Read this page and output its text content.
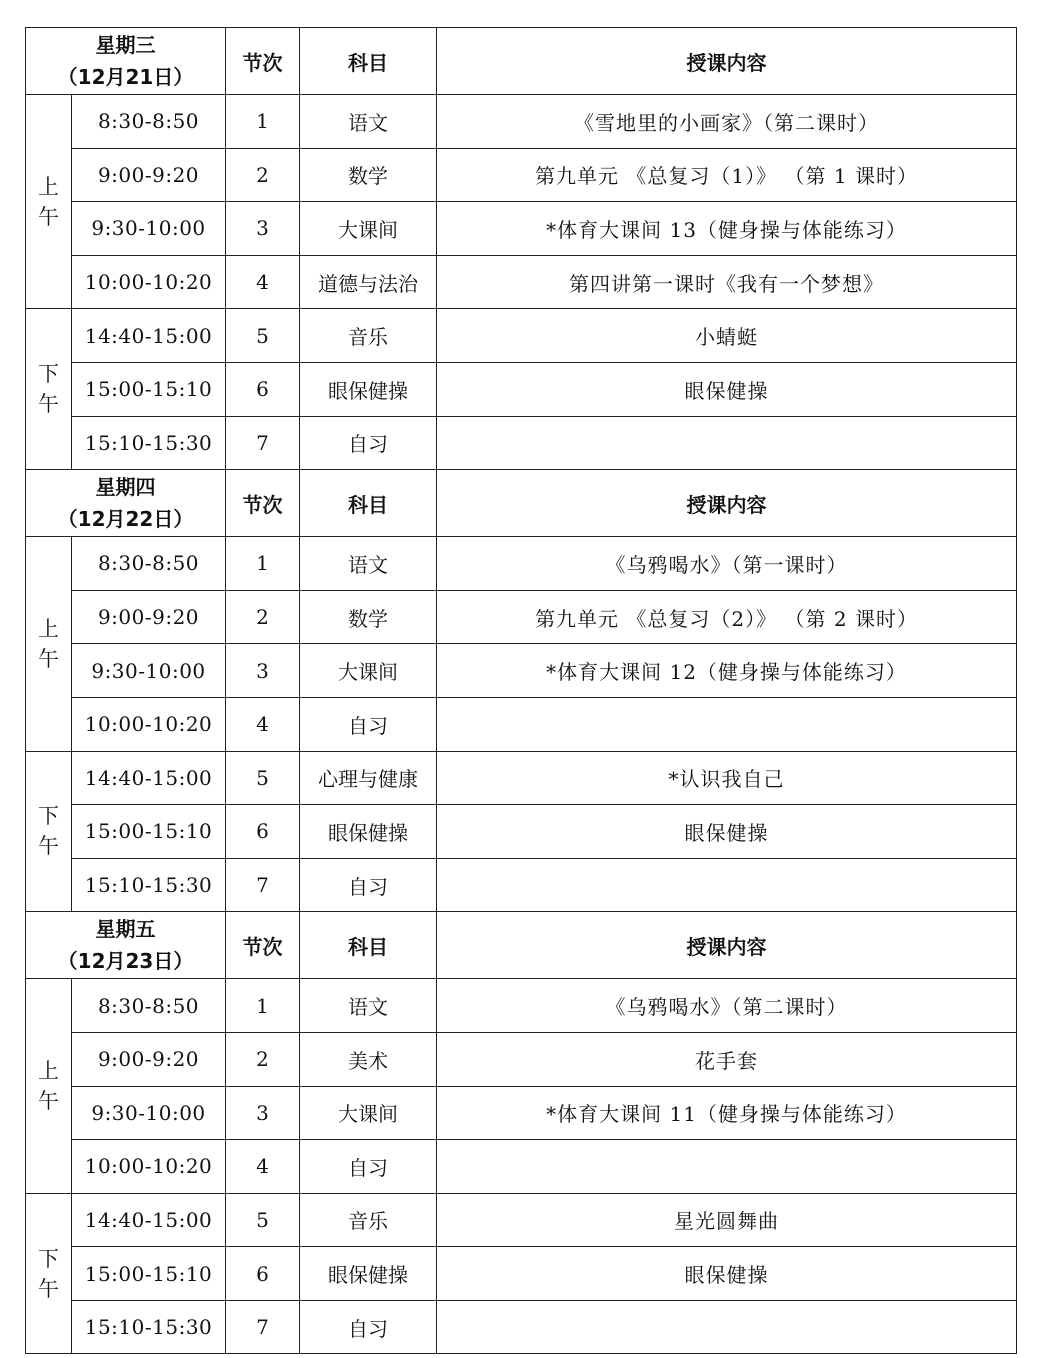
星期三
（12月21日）		节次	科目	授课内容
上午	8:30-8:50	1	语文	《雪地里的小画家》（第二课时）
	9:00-9:20	2	数学	第九单元 《总复习（1）》 （第 1 课时）
	9:30-10:00	3	大课间	*体育大课间 13（健身操与体能练习）
	10:00-10:20	4	道德与法治	第四讲第一课时《我有一个梦想》
下午	14:40-15:00	5	音乐	小蜻蜓
	15:00-15:10	6	眼保健操	眼保健操
	15:10-15:30	7	自习	

星期四
（12月22日）		节次	科目	授课内容
上午	8:30-8:50	1	语文	《乌鸦喝水》（第一课时）
	9:00-9:20	2	数学	第九单元 《总复习（2）》 （第 2 课时）
	9:30-10:00	3	大课间	*体育大课间 12（健身操与体能练习）
	10:00-10:20	4	自习	
下午	14:40-15:00	5	心理与健康	*认识我自己
	15:00-15:10	6	眼保健操	眼保健操
	15:10-15:30	7	自习	

星期五
（12月23日）		节次	科目	授课内容
上午	8:30-8:50	1	语文	《乌鸦喝水》（第二课时）
	9:00-9:20	2	美术	花手套
	9:30-10:00	3	大课间	*体育大课间 11（健身操与体能练习）
	10:00-10:20	4	自习	
下午	14:40-15:00	5	音乐	星光圆舞曲
	15:00-15:10	6	眼保健操	眼保健操
	15:10-15:30	7	自习	
